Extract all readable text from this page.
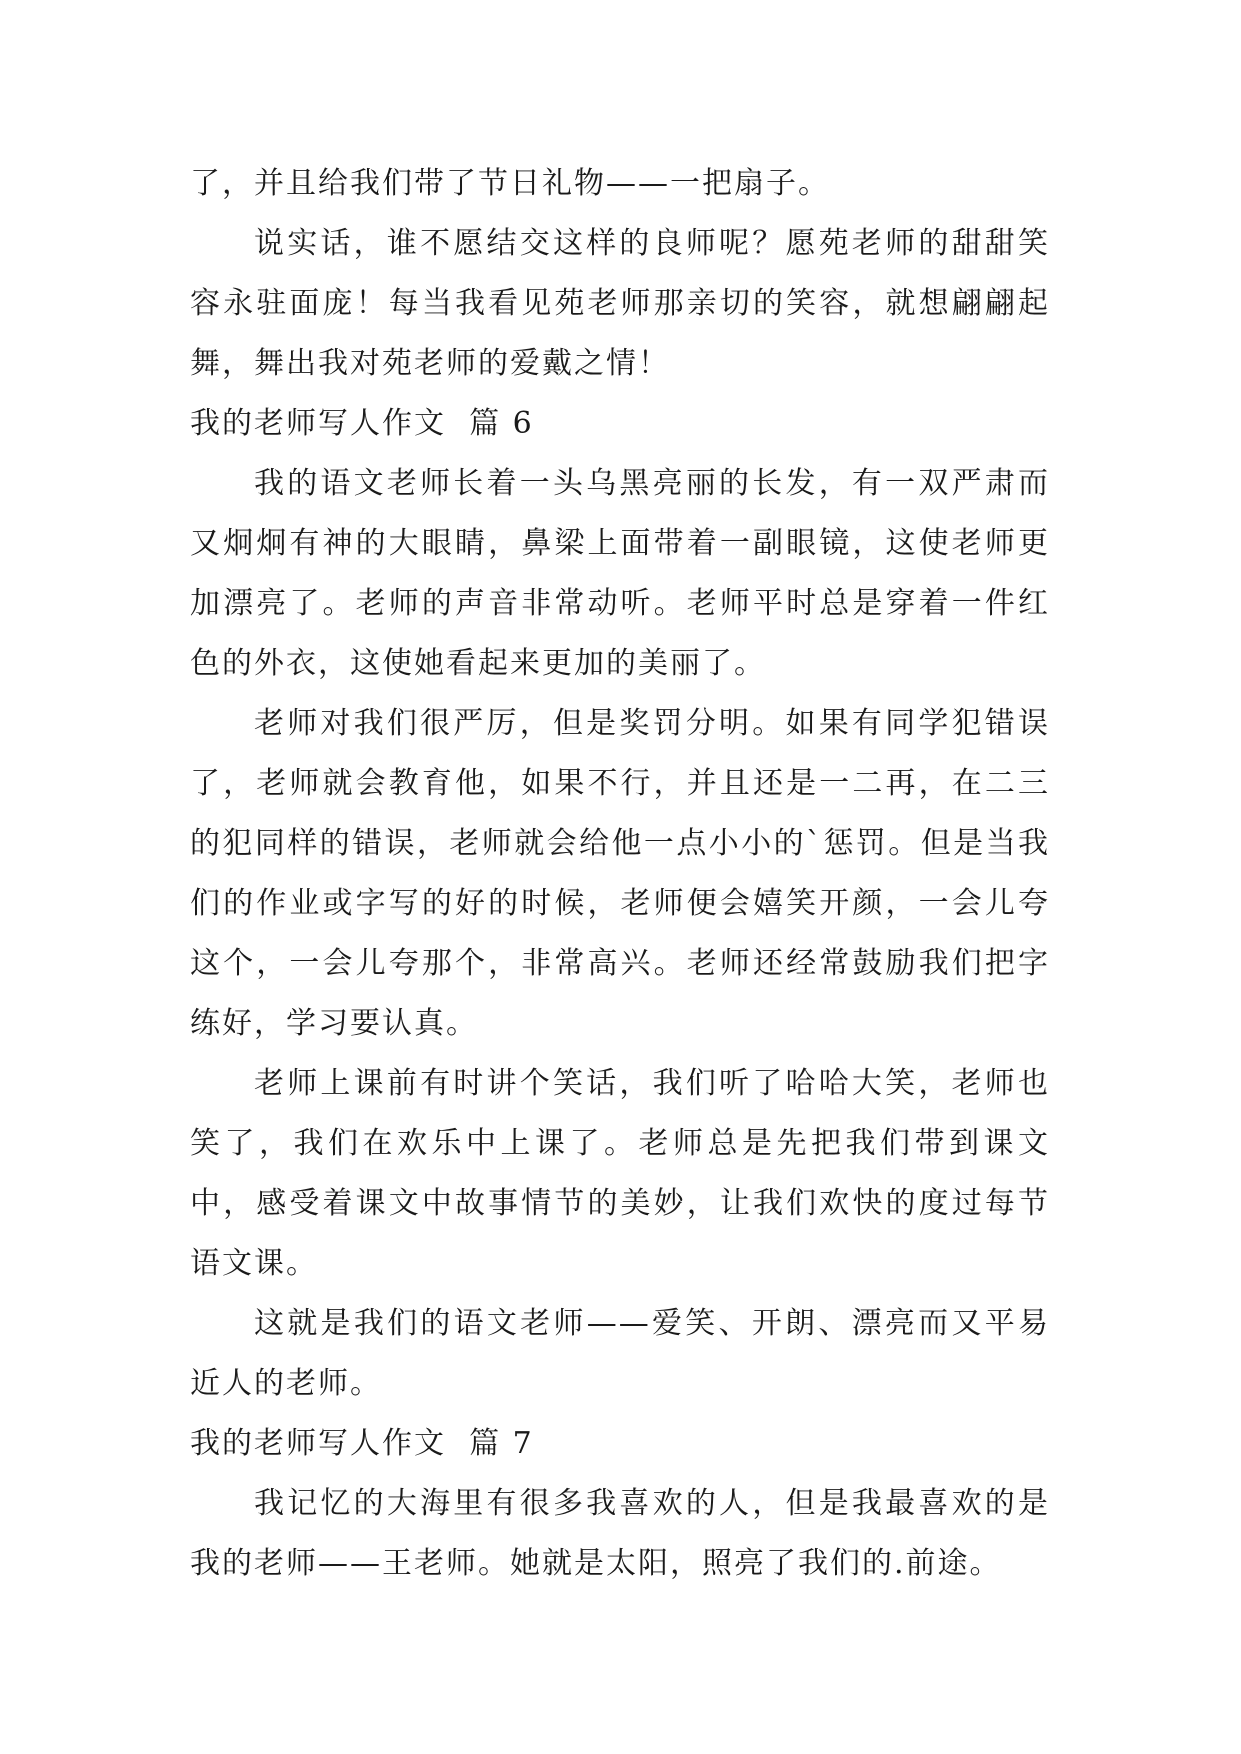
了，并且给我们带了节日礼物——一把扇子。

说实话，谁不愿结交这样的良师呢？愿苑老师的甜甜笑容永驻面庞！每当我看见苑老师那亲切的笑容，就想翩翩起舞，舞出我对苑老师的爱戴之情！

我的老师写人作文  篇 6

我的语文老师长着一头乌黑亮丽的长发，有一双严肃而又炯炯有神的大眼睛，鼻梁上面带着一副眼镜，这使老师更加漂亮了。老师的声音非常动听。老师平时总是穿着一件红色的外衣，这使她看起来更加的美丽了。

老师对我们很严厉，但是奖罚分明。如果有同学犯错误了，老师就会教育他，如果不行，并且还是一二再，在二三的犯同样的错误，老师就会给他一点小小的`惩罚。但是当我们的作业或字写的好的时候，老师便会嬉笑开颜，一会儿夸这个，一会儿夸那个，非常高兴。老师还经常鼓励我们把字练好，学习要认真。

老师上课前有时讲个笑话，我们听了哈哈大笑，老师也笑了，我们在欢乐中上课了。老师总是先把我们带到课文中，感受着课文中故事情节的美妙，让我们欢快的度过每节语文课。

这就是我们的语文老师——爱笑、开朗、漂亮而又平易近人的老师。

我的老师写人作文  篇 7

我记忆的大海里有很多我喜欢的人，但是我最喜欢的是我的老师——王老师。她就是太阳，照亮了我们的.前途。
